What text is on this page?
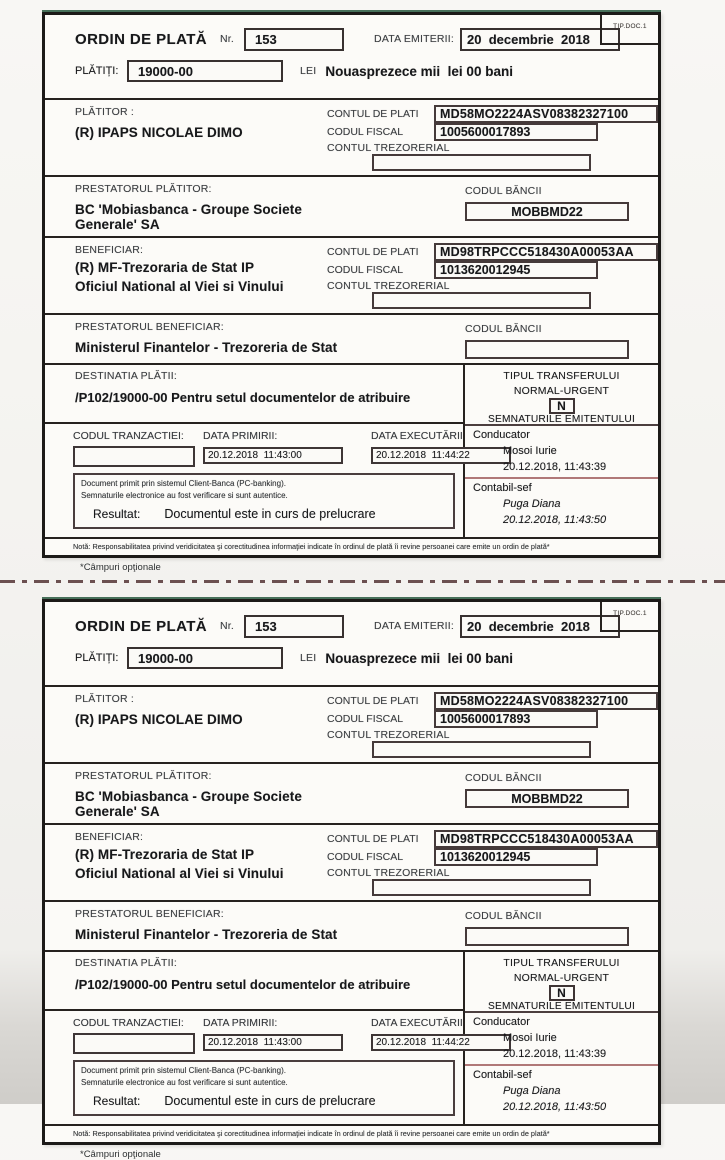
TIP.DOC.1
ORDIN DE PLATĂ Nr.	153	DATA EMITERII:	20  decembrie  2018
PLĂTIȚI:	19000-00	LEI Nouasprezece mii  lei 00 bani
PLĂTITOR :
(R) IPAPS NICOLAE DIMO
CONTUL DE PLATI	MD58MO2224ASV08382327100
CODUL FISCAL	1005600017893
CONTUL TREZORERIAL
PRESTATORUL PLĂTITOR:
BC 'Mobiasbanca - Groupe Societe Generale' SA
CODUL BĂNCII
MOBBMD22
BENEFICIAR:
(R) MF-Trezoraria de Stat IP
Oficiul National al Viei si Vinului
CONTUL DE PLATI	MD98TRPCCC518430A00053AA
CODUL FISCAL	1013620012945
CONTUL TREZORERIAL
PRESTATORUL BENEFICIAR:
Ministerul Finantelor - Trezoreria de Stat
CODUL BĂNCII
DESTINATIA PLĂTII:
/P102/19000-00 Pentru setul documentelor de atribuire
CODUL TRANZACTIEI:	DATA PRIMIRII:
20.12.2018  11:43:00
DATA EXECUTĂRII
20.12.2018  11:44:22
Document primit prin sistemul Client-Banca (PC-banking).
Semnaturile electronice au fost verificare si sunt autentice.
Resultat: Documentul este in curs de prelucrare
TIPUL TRANSFERULUI
NORMAL-URGENT
N
SEMNATURILE EMITENTULUI
Conducator
Mosoi Iurie
20.12.2018, 11:43:39
Contabil-sef
Puga Diana
20.12.2018, 11:43:50
Notă: Responsabilitatea privind veridicitatea şi corectitudinea informaţiei indicate în ordinul de plată îi revine persoanei care emite un ordin de plată*
*Câmpuri opţionale
TIP.DOC.1
ORDIN DE PLATĂ Nr.	153	DATA EMITERII:	20  decembrie  2018
PLĂTIȚI:	19000-00	LEI Nouasprezece mii  lei 00 bani
PLĂTITOR :
(R) IPAPS NICOLAE DIMO
CONTUL DE PLATI	MD58MO2224ASV08382327100
CODUL FISCAL	1005600017893
CONTUL TREZORERIAL
PRESTATORUL PLĂTITOR:
BC 'Mobiasbanca - Groupe Societe Generale' SA
CODUL BĂNCII
MOBBMD22
BENEFICIAR:
(R) MF-Trezoraria de Stat IP
Oficiul National al Viei si Vinului
CONTUL DE PLATI	MD98TRPCCC518430A00053AA
CODUL FISCAL	1013620012945
CONTUL TREZORERIAL
PRESTATORUL BENEFICIAR:
Ministerul Finantelor - Trezoreria de Stat
CODUL BĂNCII
DESTINATIA PLĂTII:
/P102/19000-00 Pentru setul documentelor de atribuire
CODUL TRANZACTIEI:	DATA PRIMIRII:
20.12.2018  11:43:00
DATA EXECUTĂRII
20.12.2018  11:44:22
Document primit prin sistemul Client-Banca (PC-banking).
Semnaturile electronice au fost verificare si sunt autentice.
Resultat: Documentul este in curs de prelucrare
TIPUL TRANSFERULUI
NORMAL-URGENT
N
SEMNATURILE EMITENTULUI
Conducator
Mosoi Iurie
20.12.2018, 11:43:39
Contabil-sef
Puga Diana
20.12.2018, 11:43:50
Notă: Responsabilitatea privind veridicitatea şi corectitudinea informaţiei indicate în ordinul de plată îi revine persoanei care emite un ordin de plată*
*Câmpuri opţionale
